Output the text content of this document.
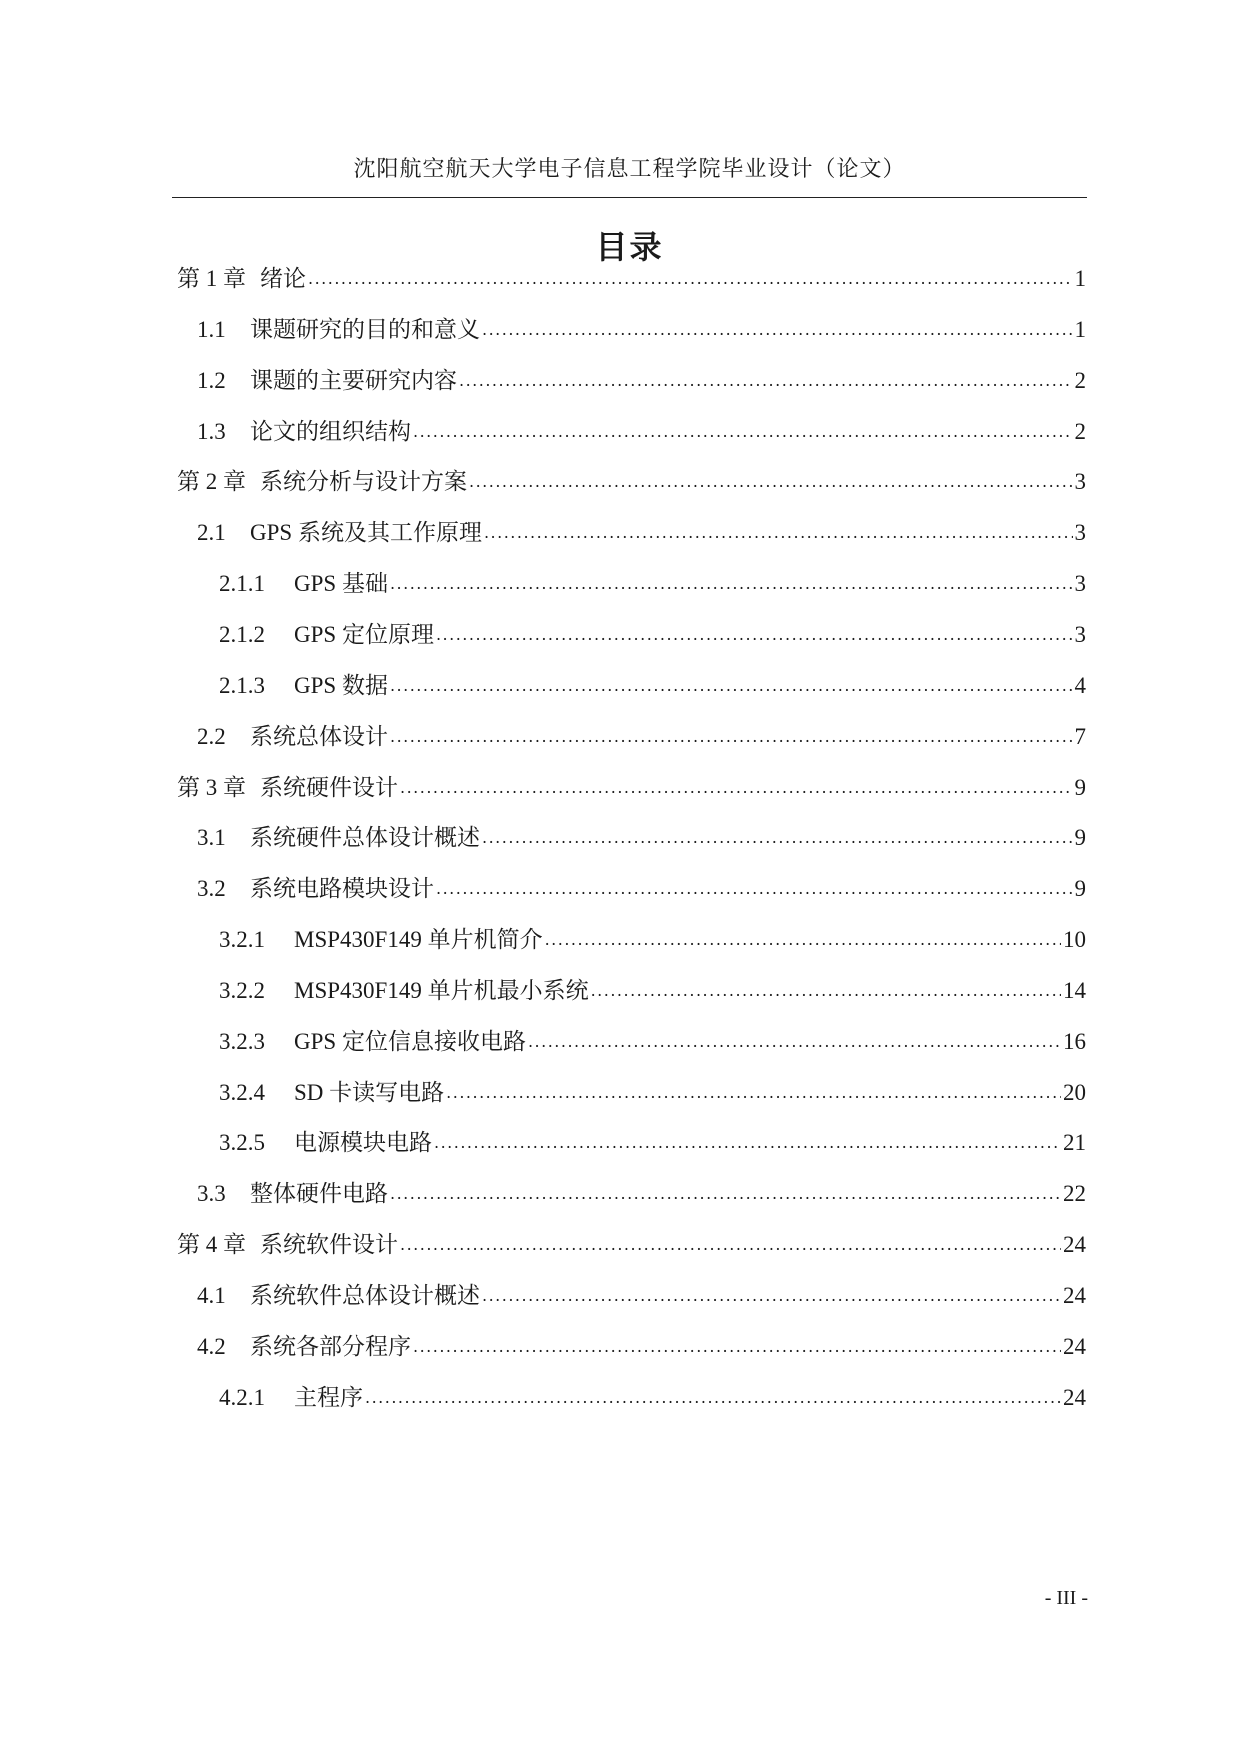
沈阳航空航天大学电子信息工程学院毕业设计（论文）
目录
第 1 章 绪论 .....	1
1.1	课题研究的目的和意义 .....	1
1.2	课题的主要研究内容 .....	2
1.3	论文的组织结构 .....	2
第 2 章 系统分析与设计方案 .....	3
2.1	GPS 系统及其工作原理 .....	3
2.1.1	GPS 基础 .....	3
2.1.2	GPS 定位原理 .....	3
2.1.3	GPS 数据 .....	4
2.2	系统总体设计 .....	7
第 3 章 系统硬件设计 .....	9
3.1	系统硬件总体设计概述 .....	9
3.2	系统电路模块设计 .....	9
3.2.1	MSP430F149 单片机简介 .....	10
3.2.2	MSP430F149 单片机最小系统 .....	14
3.2.3	GPS 定位信息接收电路 .....	16
3.2.4	SD 卡读写电路 .....	20
3.2.5	电源模块电路 .....	21
3.3	整体硬件电路 .....	22
第 4 章 系统软件设计 .....	24
4.1	系统软件总体设计概述 .....	24
4.2	系统各部分程序 .....	24
4.2.1	主程序 .....	24
- III -
